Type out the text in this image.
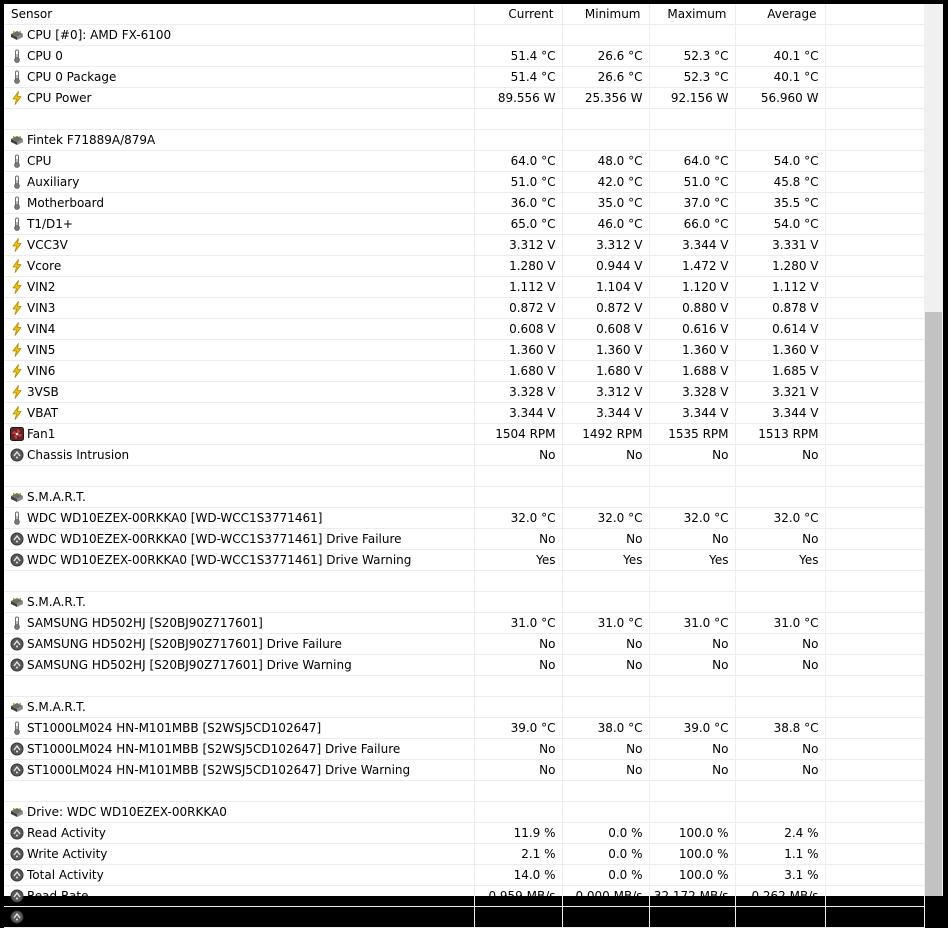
Sensor	Current	Minimum	Maximum	Average	

CPU [#0]: AMD FX-6100					

CPU 0	51.4 °C	26.6 °C	52.3 °C	40.1 °C	

CPU 0 Package	51.4 °C	26.6 °C	52.3 °C	40.1 °C	

CPU Power	89.556 W	25.356 W	92.156 W	56.960 W	

Fintek F71889A/879A					

CPU	64.0 °C	48.0 °C	64.0 °C	54.0 °C	

Auxiliary	51.0 °C	42.0 °C	51.0 °C	45.8 °C	

Motherboard	36.0 °C	35.0 °C	37.0 °C	35.5 °C	

T1/D1+	65.0 °C	46.0 °C	66.0 °C	54.0 °C	

VCC3V	3.312 V	3.312 V	3.344 V	3.331 V	

Vcore	1.280 V	0.944 V	1.472 V	1.280 V	

VIN2	1.112 V	1.104 V	1.120 V	1.112 V	

VIN3	0.872 V	0.872 V	0.880 V	0.878 V	

VIN4	0.608 V	0.608 V	0.616 V	0.614 V	

VIN5	1.360 V	1.360 V	1.360 V	1.360 V	

VIN6	1.680 V	1.680 V	1.688 V	1.685 V	

3VSB	3.328 V	3.312 V	3.328 V	3.321 V	

VBAT	3.344 V	3.344 V	3.344 V	3.344 V	

Fan1	1504 RPM	1492 RPM	1535 RPM	1513 RPM	

Chassis Intrusion	No	No	No	No	

S.M.A.R.T.					

WDC WD10EZEX-00RKKA0 [WD-WCC1S3771461]	32.0 °C	32.0 °C	32.0 °C	32.0 °C	

WDC WD10EZEX-00RKKA0 [WD-WCC1S3771461] Drive Failure	No	No	No	No	

WDC WD10EZEX-00RKKA0 [WD-WCC1S3771461] Drive Warning	Yes	Yes	Yes	Yes	

S.M.A.R.T.					

SAMSUNG HD502HJ [S20BJ90Z717601]	31.0 °C	31.0 °C	31.0 °C	31.0 °C	

SAMSUNG HD502HJ [S20BJ90Z717601] Drive Failure	No	No	No	No	

SAMSUNG HD502HJ [S20BJ90Z717601] Drive Warning	No	No	No	No	

S.M.A.R.T.					

ST1000LM024 HN-M101MBB [S2WSJ5CD102647]	39.0 °C	38.0 °C	39.0 °C	38.8 °C	

ST1000LM024 HN-M101MBB [S2WSJ5CD102647] Drive Failure	No	No	No	No	

ST1000LM024 HN-M101MBB [S2WSJ5CD102647] Drive Warning	No	No	No	No	

Drive: WDC WD10EZEX-00RKKA0					

Read Activity	11.9 %	0.0 %	100.0 %	2.4 %	

Write Activity	2.1 %	0.0 %	100.0 %	1.1 %	

Total Activity	14.0 %	0.0 %	100.0 %	3.1 %	

Read Rate	0.959 MB/s	0.000 MB/s	32.172 MB/s	0.262 MB/s	

Write Rate	0.060 MB/s	0.000 MB/s	1.420 MB/s	0.038 MB/s	
